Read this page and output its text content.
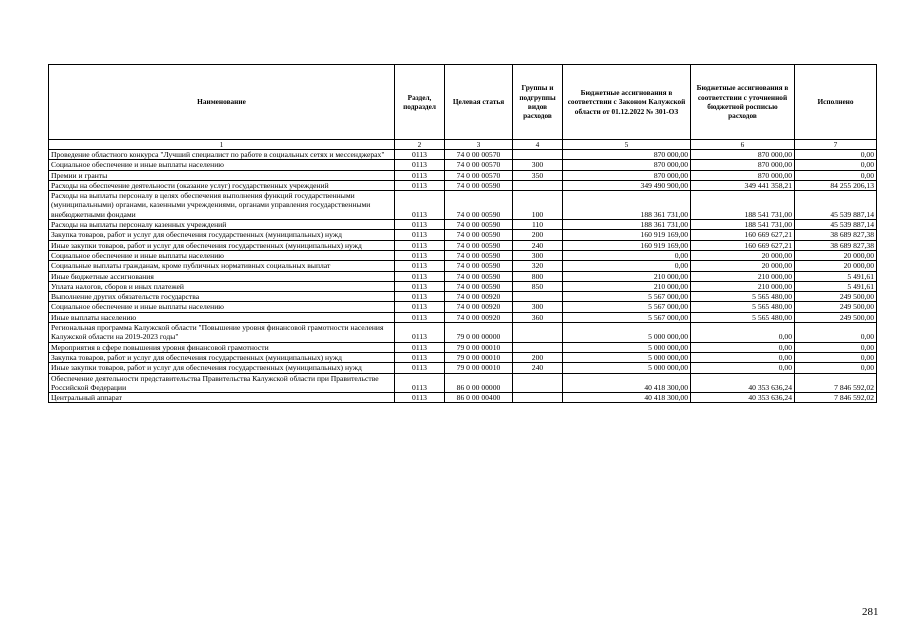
Наименование	Раздел, подраздел	Целевая статья	Группы и подгруппы видов расходов	Бюджетные ассигнования в соответствии с Законом Калужской области от 01.12.2022 № 301-ОЗ	Бюджетные ассигнования в соответствии с уточненной бюджетной росписью расходов	Исполнено
1	2	3	4	5	6	7
Проведение областного конкурса "Лучший специалист по работе в социальных сетях и мессенджерах"	0113	74 0 00 00570		870 000,00	870 000,00	0,00
Социальное обеспечение и иные выплаты населению	0113	74 0 00 00570	300	870 000,00	870 000,00	0,00
Премии и гранты	0113	74 0 00 00570	350	870 000,00	870 000,00	0,00
Расходы на обеспечение деятельности (оказание услуг) государственных учреждений	0113	74 0 00 00590		349 490 900,00	349 441 358,21	84 255 206,13
Расходы на выплаты персоналу в целях обеспечения выполнения функций государственными (муниципальными) органами, казенными учреждениями, органами управления государственными внебюджетными фондами	0113	74 0 00 00590	100	188 361 731,00	188 541 731,00	45 539 887,14
Расходы на выплаты персоналу казенных учреждений	0113	74 0 00 00590	110	188 361 731,00	188 541 731,00	45 539 887,14
Закупка товаров, работ и услуг для обеспечения государственных (муниципальных) нужд	0113	74 0 00 00590	200	160 919 169,00	160 669 627,21	38 689 827,38
Иные закупки товаров, работ и услуг для обеспечения государственных (муниципальных) нужд	0113	74 0 00 00590	240	160 919 169,00	160 669 627,21	38 689 827,38
Социальное обеспечение и иные выплаты населению	0113	74 0 00 00590	300	0,00	20 000,00	20 000,00
Социальные выплаты гражданам, кроме публичных нормативных социальных выплат	0113	74 0 00 00590	320	0,00	20 000,00	20 000,00
Иные бюджетные ассигнования	0113	74 0 00 00590	800	210 000,00	210 000,00	5 491,61
Уплата налогов, сборов и иных платежей	0113	74 0 00 00590	850	210 000,00	210 000,00	5 491,61
Выполнение других обязательств государства	0113	74 0 00 00920		5 567 000,00	5 565 480,00	249 500,00
Социальное обеспечение и иные выплаты населению	0113	74 0 00 00920	300	5 567 000,00	5 565 480,00	249 500,00
Иные выплаты населению	0113	74 0 00 00920	360	5 567 000,00	5 565 480,00	249 500,00
Региональная программа Калужской области "Повышение уровня финансовой грамотности населения Калужской области на 2019-2023 годы"	0113	79 0 00 00000		5 000 000,00	0,00	0,00
Мероприятия в сфере повышения уровня финансовой грамотности	0113	79 0 00 00010		5 000 000,00	0,00	0,00
Закупка товаров, работ и услуг для обеспечения государственных (муниципальных) нужд	0113	79 0 00 00010	200	5 000 000,00	0,00	0,00
Иные закупки товаров, работ и услуг для обеспечения государственных (муниципальных) нужд	0113	79 0 00 00010	240	5 000 000,00	0,00	0,00
Обеспечение деятельности представительства Правительства Калужской области при Правительстве Российской Федерации	0113	86 0 00 00000		40 418 300,00	40 353 636,24	7 846 592,02
Центральный аппарат	0113	86 0 00 00400		40 418 300,00	40 353 636,24	7 846 592,02
281
